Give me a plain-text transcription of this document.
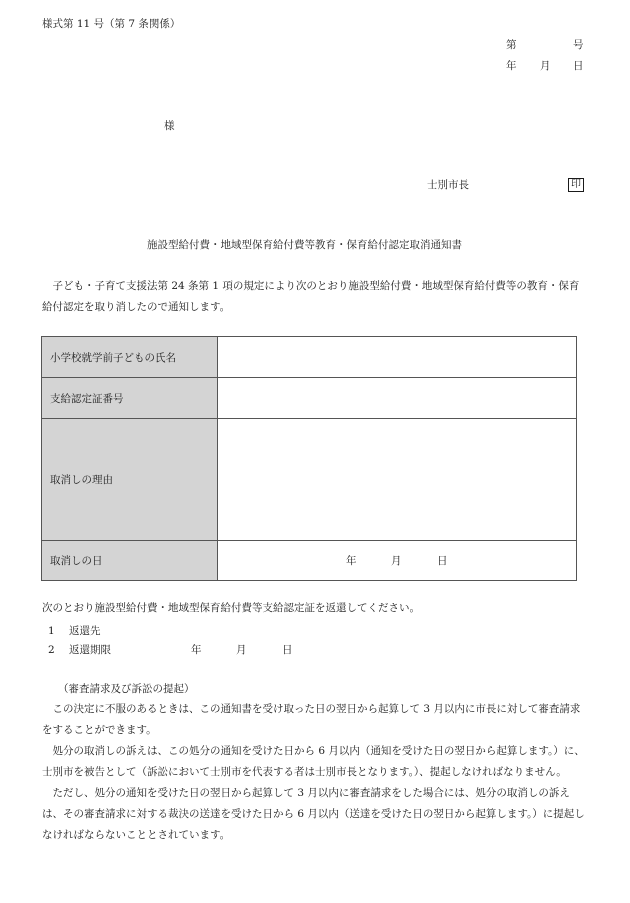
様式第 11 号（第 7 条関係）
第	号
年 月 日
様
士別市長	印
施設型給付費・地域型保育給付費等教育・保育給付認定取消通知書

子ども・子育て支援法第 24 条第 1 項の規定により次のとおり施設型給付費・地域型保育給付費等の教育・保育給付認定を取り消したので通知します。

小学校就学前子どもの氏名	
支給認定証番号	
取消しの理由	
取消しの日	年 月 日
次のとおり施設型給付費・地域型保育給付費等支給認定証を返還してください。
1 返還先
2 返還期限	年	月	日
（審査請求及び訴訟の提起）

この決定に不服のあるときは、この通知書を受け取った日の翌日から起算して 3 月以内に市長に対して審査請求をすることができます。

処分の取消しの訴えは、この処分の通知を受けた日から 6 月以内（通知を受けた日の翌日から起算します。）に、士別市を被告として（訴訟において士別市を代表する者は士別市長となります。）、提起しなければなりません。

ただし、処分の通知を受けた日の翌日から起算して 3 月以内に審査請求をした場合には、処分の取消しの訴えは、その審査請求に対する裁決の送達を受けた日から 6 月以内（送達を受けた日の翌日から起算します。）に提起しなければならないこととされています。
